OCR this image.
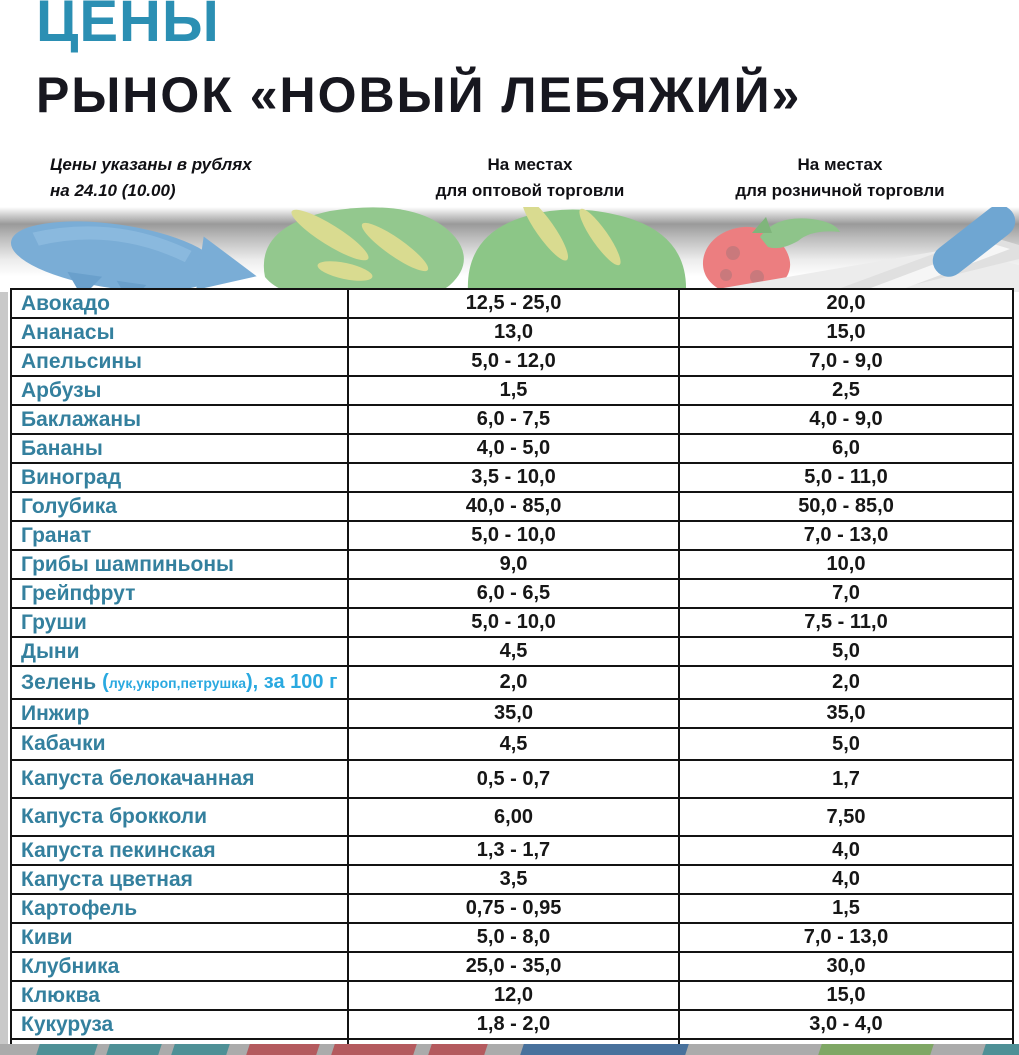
ЦЕНЫ
РЫНОК «НОВЫЙ ЛЕБЯЖИЙ»
Цены указаны в рублях
на 24.10 (10.00)
На местах
для оптовой торговли
На местах
для розничной торговли
Авокадо	12,5 - 25,0	20,0
Ананасы	13,0	15,0
Апельсины	5,0 - 12,0	7,0 - 9,0
Арбузы	1,5	2,5
Баклажаны	6,0 - 7,5	4,0 - 9,0
Бананы	4,0 - 5,0	6,0
Виноград	3,5 - 10,0	5,0 - 11,0
Голубика	40,0 - 85,0	50,0 - 85,0
Гранат	5,0 - 10,0	7,0 - 13,0
Грибы шампиньоны	9,0	10,0
Грейпфрут	6,0 - 6,5	7,0
Груши	5,0 - 10,0	7,5 - 11,0
Дыни	4,5	5,0
Зелень ( лук,укроп,петрушка ), за 100 г	2,0	2,0
Инжир	35,0	35,0
Кабачки	4,5	5,0
Капуста белокачанная	0,5 - 0,7	1,7
Капуста брокколи	6,00	7,50
Капуста пекинская	1,3 - 1,7	4,0
Капуста цветная	3,5	4,0
Картофель	0,75 - 0,95	1,5
Киви	5,0 - 8,0	7,0 - 13,0
Клубника	25,0 - 35,0	30,0
Клюква	12,0	15,0
Кукуруза	1,8 - 2,0	3,0 - 4,0
